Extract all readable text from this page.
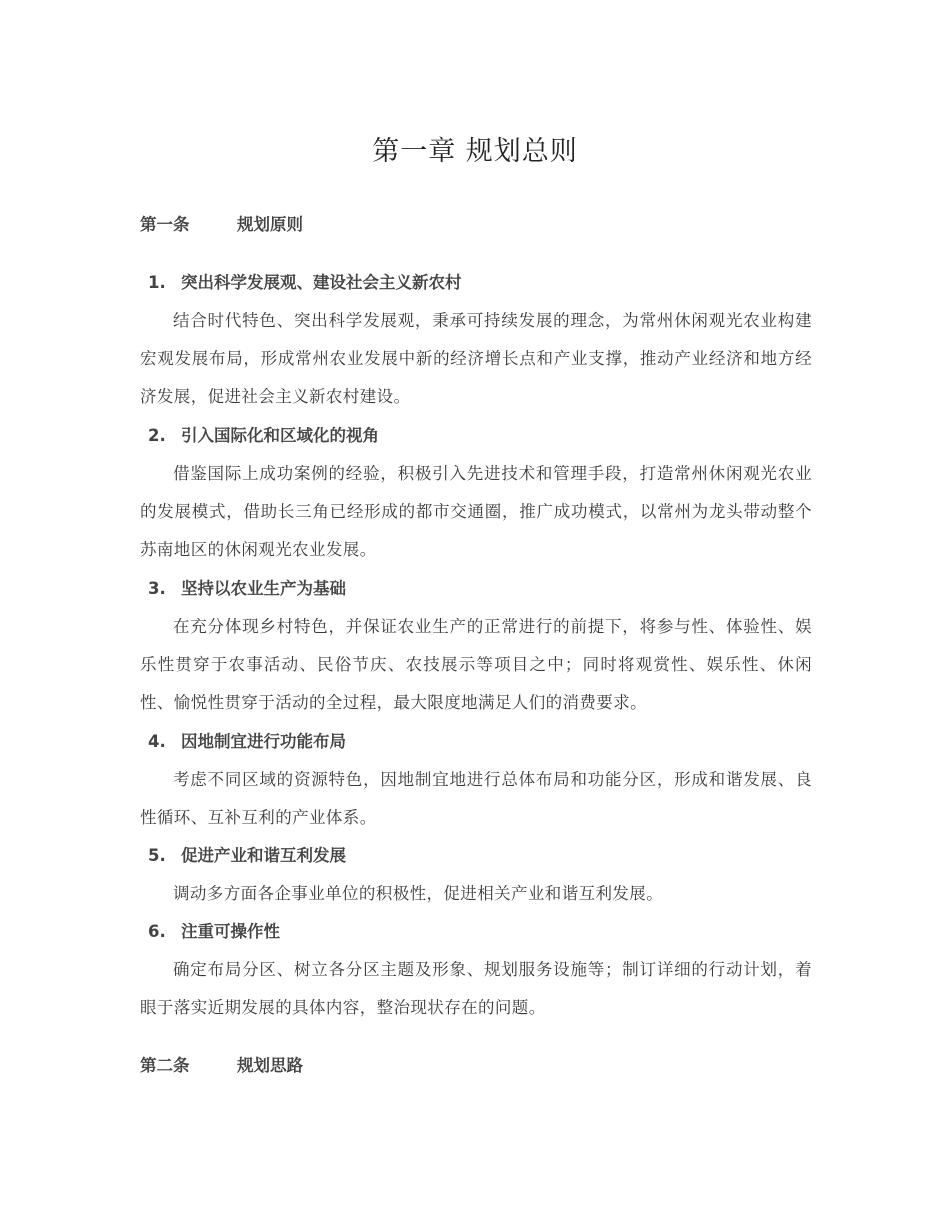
第一章 规划总则
第一条	规划原则
1. 突出科学发展观、建设社会主义新农村

结合时代特色、突出科学发展观，秉承可持续发展的理念，为常州休闲观光农业构建宏观发展布局，形成常州农业发展中新的经济增长点和产业支撑，推动产业经济和地方经济发展，促进社会主义新农村建设。

2. 引入国际化和区域化的视角

借鉴国际上成功案例的经验，积极引入先进技术和管理手段，打造常州休闲观光农业的发展模式，借助长三角已经形成的都市交通圈，推广成功模式，以常州为龙头带动整个苏南地区的休闲观光农业发展。

3. 坚持以农业生产为基础

在充分体现乡村特色，并保证农业生产的正常进行的前提下，将参与性、体验性、娱乐性贯穿于农事活动、民俗节庆、农技展示等项目之中；同时将观赏性、娱乐性、休闲性、愉悦性贯穿于活动的全过程，最大限度地满足人们的消费要求。

4. 因地制宜进行功能布局

考虑不同区域的资源特色，因地制宜地进行总体布局和功能分区，形成和谐发展、良性循环、互补互利的产业体系。

5. 促进产业和谐互利发展

调动多方面各企事业单位的积极性，促进相关产业和谐互利发展。

6. 注重可操作性

确定布局分区、树立各分区主题及形象、规划服务设施等；制订详细的行动计划，着眼于落实近期发展的具体内容，整治现状存在的问题。

第二条	规划思路
